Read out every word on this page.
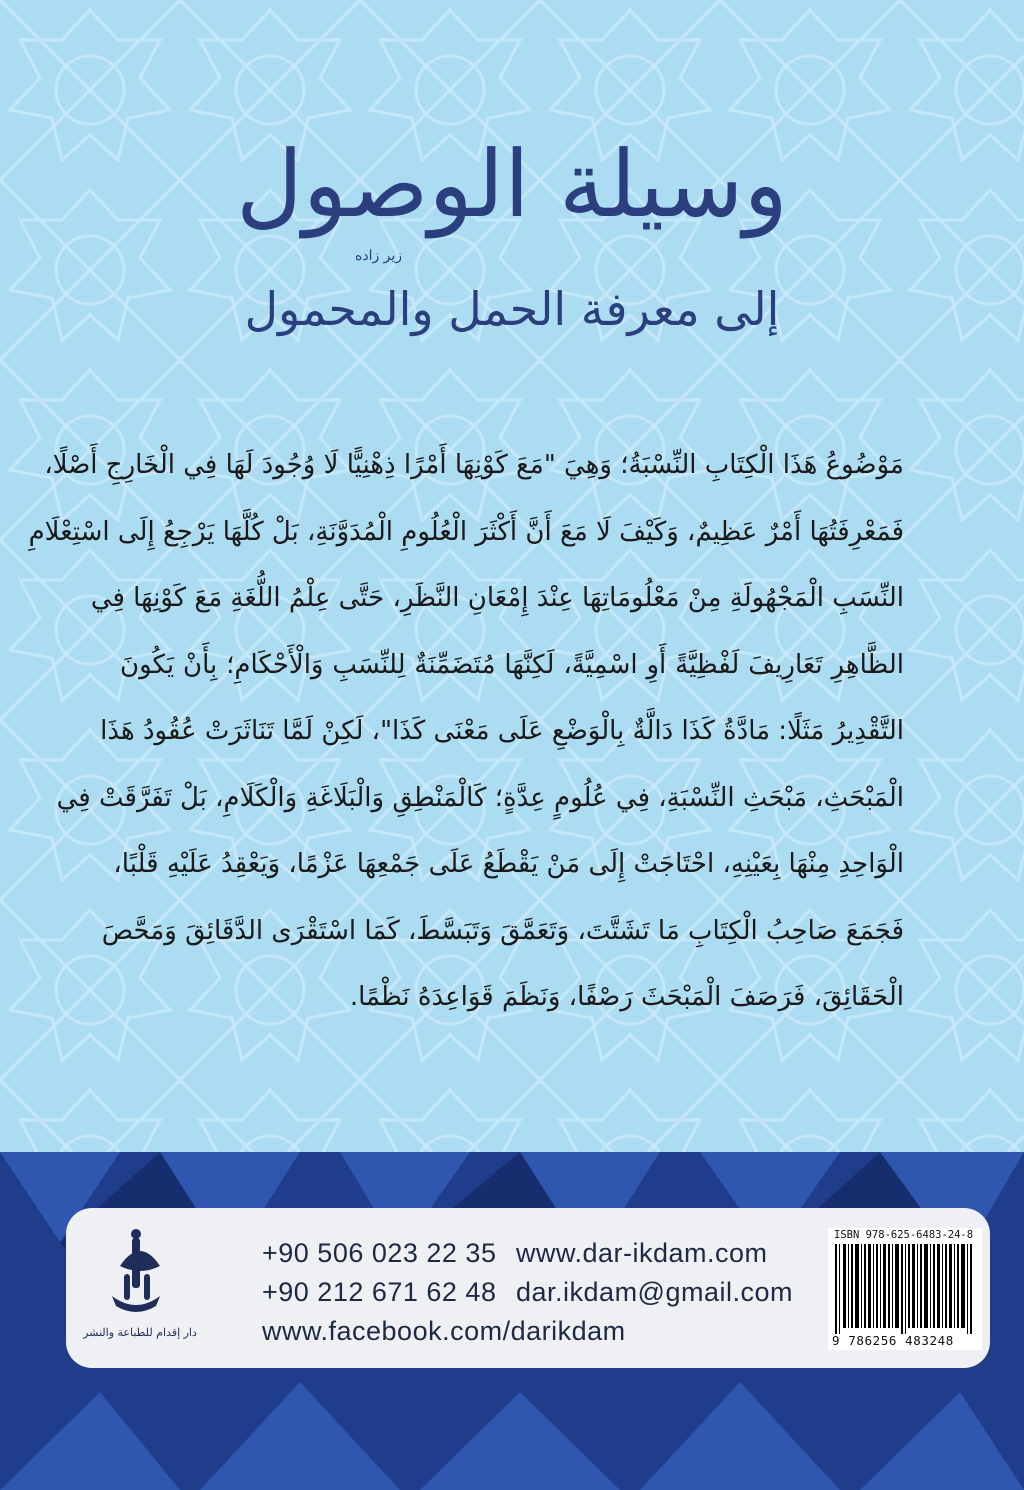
وسيلة الوصول
زير زاده
إلى معرفة الحمل والمحمول
مَوْضُوعُ هَذَا الْكِتَابِ النِّسْبَةُ؛ وَهِيَ "مَعَ كَوْنِهَا أَمْرًا ذِهْنِيًّا لَا وُجُودَ لَهَا فِي الْخَارِجِ أَصْلًا،
فَمَعْرِفَتُهَا أَمْرٌ عَظِيمٌ، وَكَيْفَ لَا مَعَ أَنَّ أَكْثَرَ الْعُلُومِ الْمُدَوَّنَةِ، بَلْ كُلَّهَا يَرْجِعُ إِلَى اسْتِعْلَامِ
النِّسَبِ الْمَجْهُولَةِ مِنْ مَعْلُومَاتِهَا عِنْدَ إِمْعَانِ النَّظَرِ، حَتَّى عِلْمُ اللُّغَةِ مَعَ كَوْنِهَا فِي
الظَّاهِرِ تَعَارِيفَ لَفْظِيَّةً أَوِ اسْمِيَّةً، لَكِنَّهَا مُتَضَمِّنَةٌ لِلنِّسَبِ وَالْأَحْكَامِ؛ بِأَنْ يَكُونَ
التَّقْدِيرُ مَثَلًا: مَادَّةُ كَذَا دَالَّةٌ بِالْوَضْعِ عَلَى مَعْنَى كَذَا"، لَكِنْ لَمَّا تَنَاثَرَتْ عُقُودُ هَذَا
الْمَبْحَثِ، مَبْحَثِ النِّسْبَةِ، فِي عُلُومٍ عِدَّةٍ؛ كَالْمَنْطِقِ وَالْبَلَاغَةِ وَالْكَلَامِ، بَلْ تَفَرَّقَتْ فِي
الْوَاحِدِ مِنْهَا بِعَيْنِهِ، احْتَاجَتْ إِلَى مَنْ يَقْطَعُ عَلَى جَمْعِهَا عَزْمًا، وَيَعْقِدُ عَلَيْهِ قَلْبًا،
فَجَمَعَ صَاحِبُ الْكِتَابِ مَا تَشَتَّتَ، وَتَعَمَّقَ وَتَبَسَّطَ، كَمَا اسْتَقْرَى الدَّقَائِقَ وَمَحَّصَ
الْحَقَائِقَ، فَرَصَفَ الْمَبْحَثَ رَصْفًا، وَنَظَمَ قَوَاعِدَهُ نَظْمًا.
دار إقدام للطباعة والنشر
+90 506 023 22 35
+90 212 671 62 48
www.dar-ikdam.com
dar.ikdam@gmail.com
www.facebook.com/darikdam
ISBN 978-625-6483-24-8
9 786256 483248
